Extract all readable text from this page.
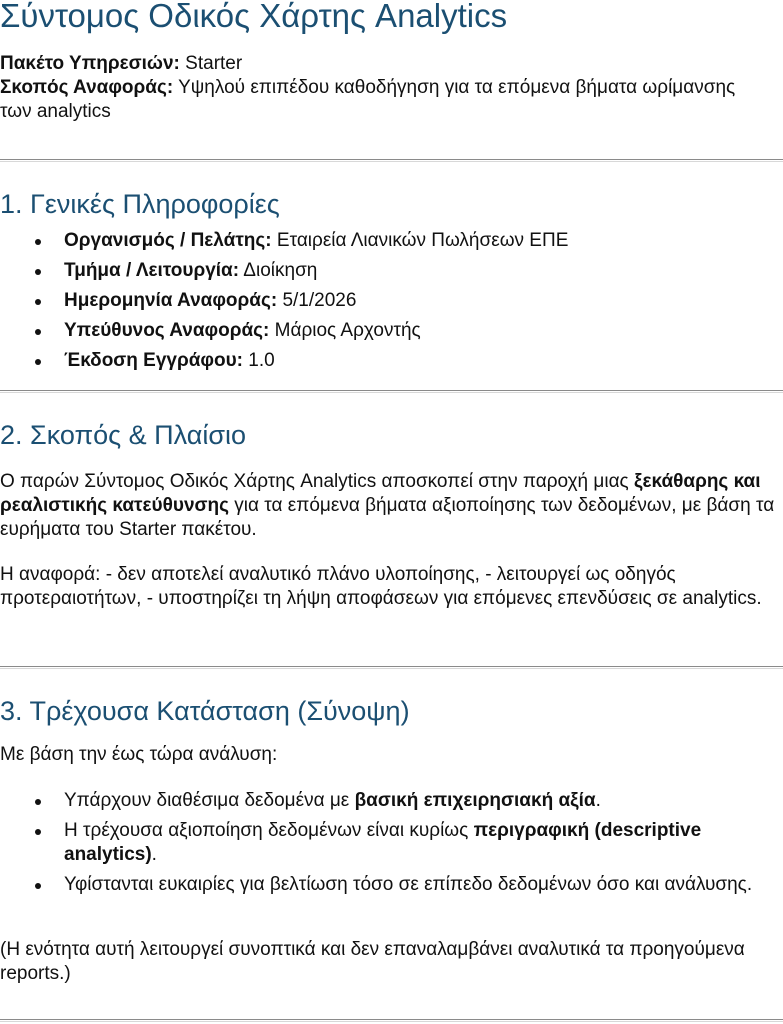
Σύντομος Οδικός Χάρτης Analytics

Πακέτο Υπηρεσιών: Starter

Σκοπός Αναφοράς: Υψηλού επιπέδου καθοδήγηση για τα επόμενα βήματα ωρίμανσης των analytics

1. Γενικές Πληροφορίες
Οργανισμός / Πελάτης: Εταιρεία Λιανικών Πωλήσεων ΕΠΕ
Τμήμα / Λειτουργία: Διοίκηση
Ημερομηνία Αναφοράς: 5/1/2026
Υπεύθυνος Αναφοράς: Μάριος Αρχοντής
Έκδοση Εγγράφου: 1.0
2. Σκοπός & Πλαίσιο

Ο παρών Σύντομος Οδικός Χάρτης Analytics αποσκοπεί στην παροχή μιας ξεκάθαρης και ρεαλιστικής κατεύθυνσης για τα επόμενα βήματα αξιοποίησης των δεδομένων, με βάση τα ευρήματα του Starter πακέτου.

Η αναφορά: - δεν αποτελεί αναλυτικό πλάνο υλοποίησης, - λειτουργεί ως οδηγός προτεραιοτήτων, - υποστηρίζει τη λήψη αποφάσεων για επόμενες επενδύσεις σε analytics.

3. Τρέχουσα Κατάσταση (Σύνοψη)

Με βάση την έως τώρα ανάλυση:

Υπάρχουν διαθέσιμα δεδομένα με βασική επιχειρησιακή αξία.
Η τρέχουσα αξιοποίηση δεδομένων είναι κυρίως περιγραφική (descriptive analytics).
Υφίστανται ευκαιρίες για βελτίωση τόσο σε επίπεδο δεδομένων όσο και ανάλυσης.

(Η ενότητα αυτή λειτουργεί συνοπτικά και δεν επαναλαμβάνει αναλυτικά τα προηγούμενα reports.)
